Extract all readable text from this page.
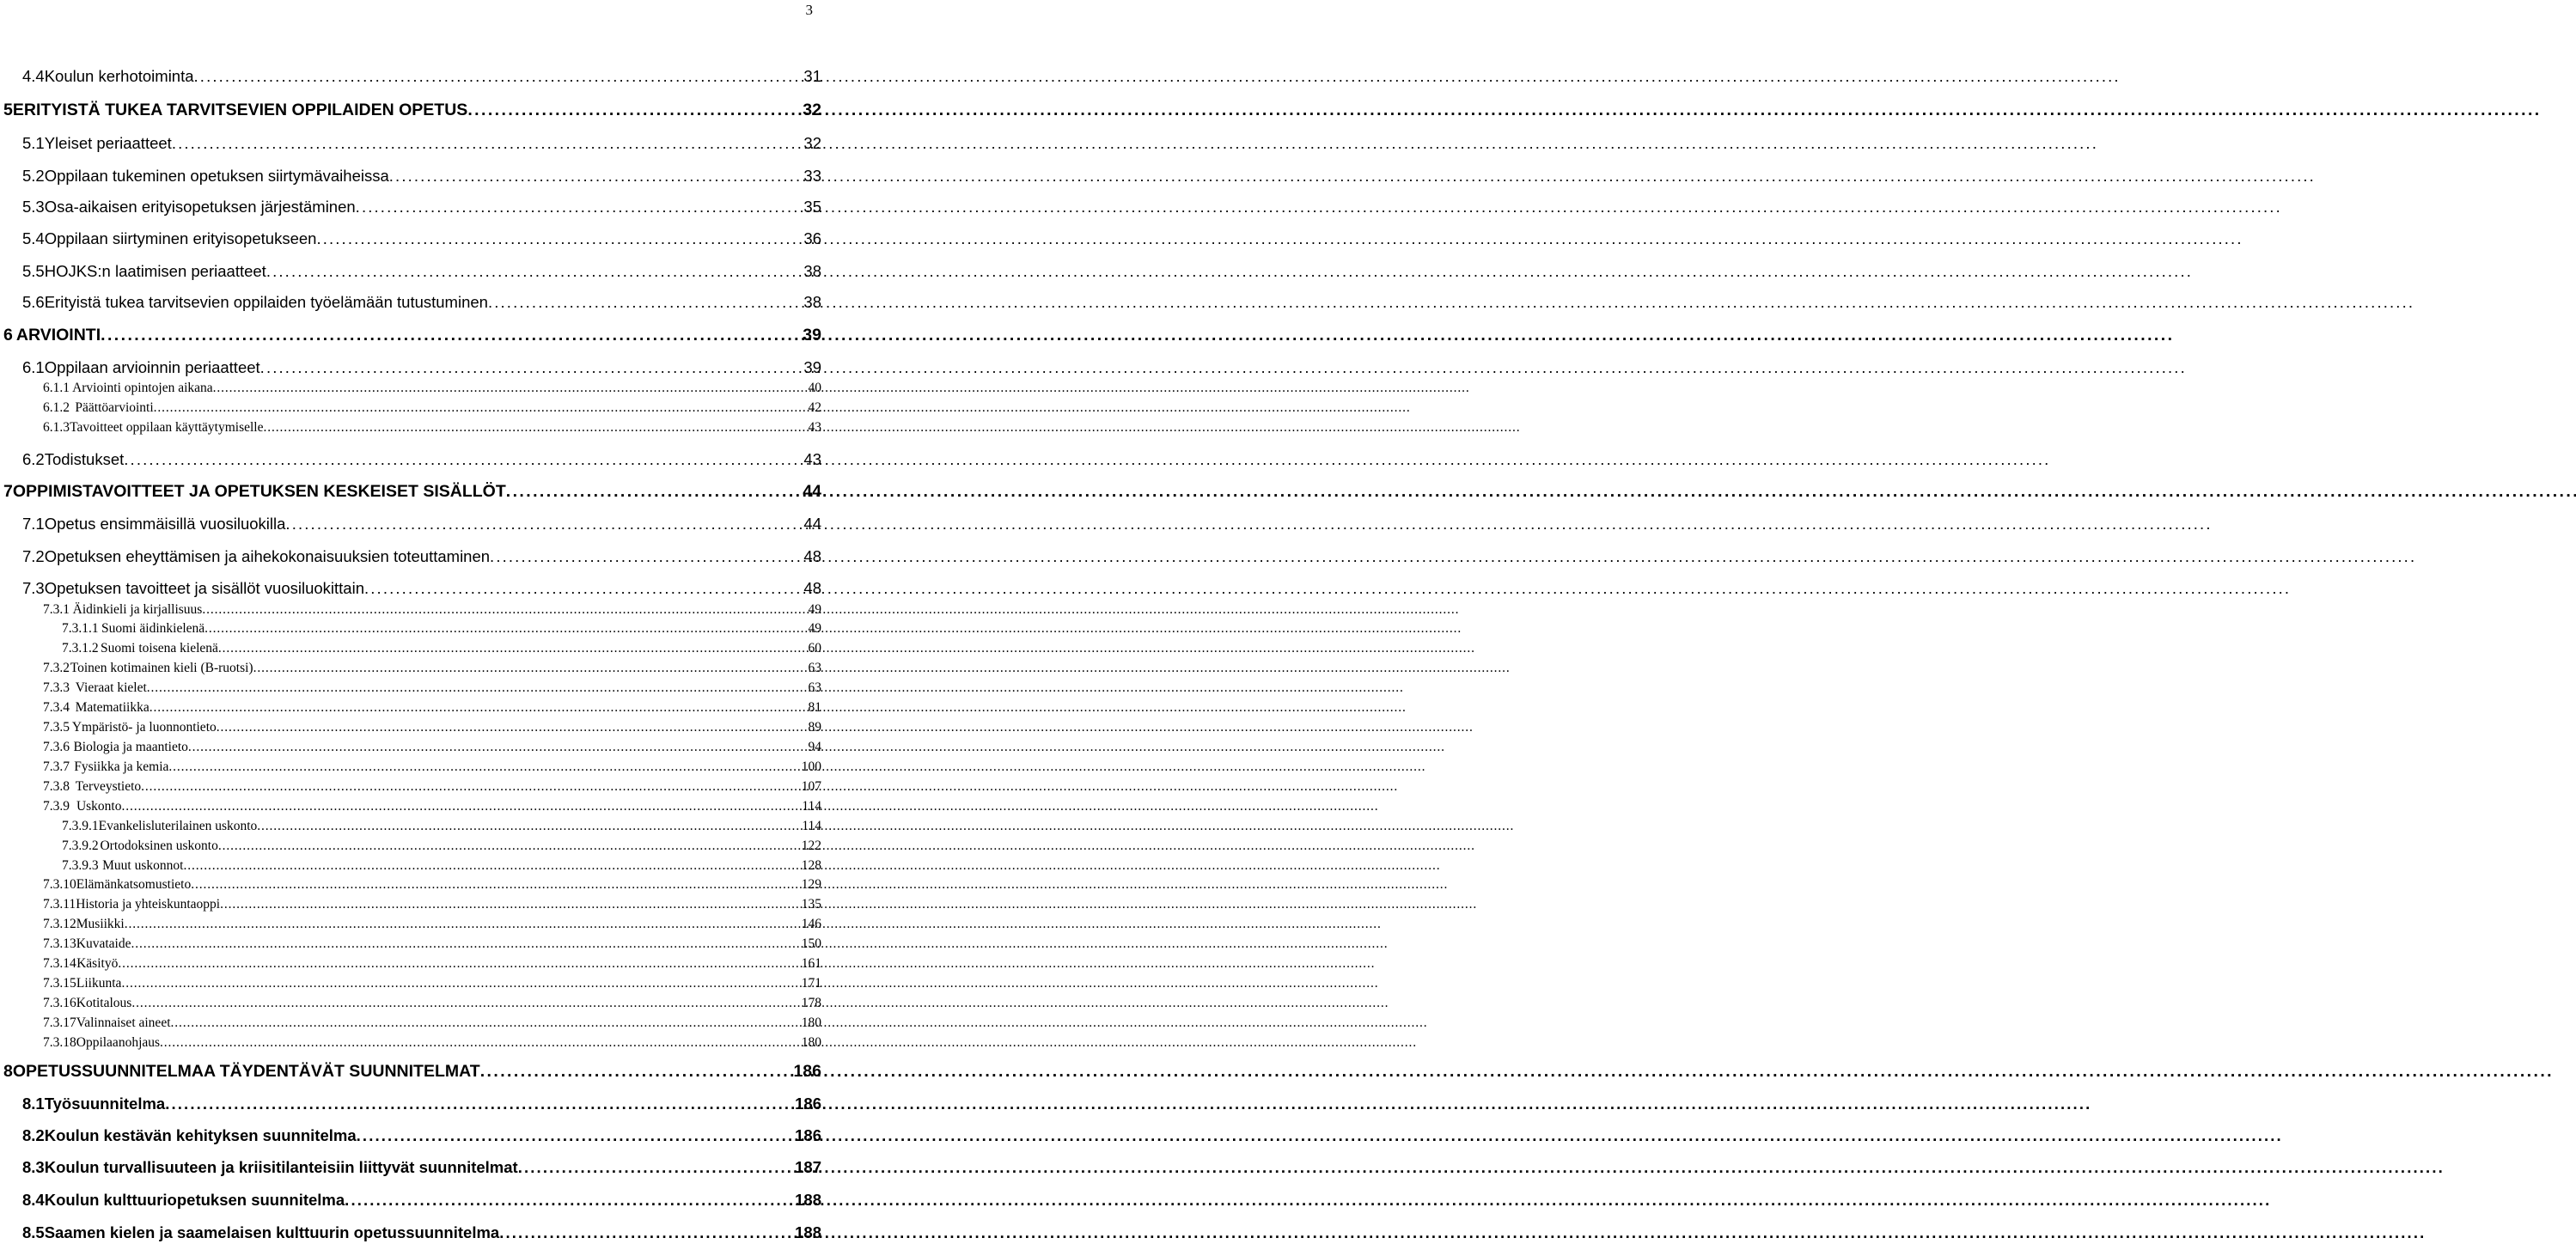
3
4.4 Koulun kerhotoiminta . . .	31
5 ERITYISTÄ TUKEA TARVITSEVIEN OPPILAIDEN OPETUS . . .	32
5.1 Yleiset periaatteet . . .	32
5.2 Oppilaan tukeminen opetuksen siirtymävaiheissa . . .	33
5.3 Osa-aikaisen erityisopetuksen järjestäminen . . .	35
5.4 Oppilaan siirtyminen erityisopetukseen . . .	36
5.5 HOJKS:n laatimisen periaatteet . . .	38
5.6 Erityistä tukea tarvitsevien oppilaiden työelämään tutustuminen . . .	38
6 ARVIOINTI . . .	39
6.1 Oppilaan arvioinnin periaatteet . . .	39
6.1.1 Arviointi opintojen aikana . . .	40
6.1.2 Päättöarviointi . . .	42
6.1.3 Tavoitteet oppilaan käyttäytymiselle . . .	43
6.2 Todistukset . . .	43
7 OPPIMISTAVOITTEET JA OPETUKSEN KESKEISET SISÄLLÖT . . .	44
7.1 Opetus ensimmäisillä vuosiluokilla . . .	44
7.2 Opetuksen eheyttämisen ja aihekokonaisuuksien toteuttaminen . . .	48
7.3 Opetuksen tavoitteet ja sisällöt vuosiluokittain . . .	48
7.3.1 Äidinkieli ja kirjallisuus . . .	49
7.3.1.1 Suomi äidinkielenä . . .	49
7.3.1.2 Suomi toisena kielenä . . .	60
7.3.2 Toinen kotimainen kieli (B-ruotsi) . . .	63
7.3.3 Vieraat kielet . . .	63
7.3.4 Matematiikka . . .	81
7.3.5 Ympäristö- ja luonnontieto . . .	89
7.3.6 Biologia ja maantieto . . .	94
7.3.7 Fysiikka ja kemia . . .	100
7.3.8 Terveystieto . . .	107
7.3.9 Uskonto . . .	114
7.3.9.1 Evankelisluterilainen uskonto . . .	114
7.3.9.2 Ortodoksinen uskonto . . .	122
7.3.9.3 Muut uskonnot . . .	128
7.3.10 Elämänkatsomustieto . . .	129
7.3.11 Historia ja yhteiskuntaoppi . . .	135
7.3.12 Musiikki . . .	146
7.3.13 Kuvataide . . .	150
7.3.14 Käsityö . . .	161
7.3.15 Liikunta . . .	171
7.3.16 Kotitalous . . .	178
7.3.17 Valinnaiset aineet . . .	180
7.3.18 Oppilaanohjaus . . .	180
8 OPETUSSUUNNITELMAA TÄYDENTÄVÄT SUUNNITELMAT . . .	186
8.1 Työsuunnitelma . . .	186
8.2 Koulun kestävän kehityksen suunnitelma . . .	186
8.3 Koulun turvallisuuteen ja kriisitilanteisiin liittyvät suunnitelmat . . .	187
8.4 Koulun kulttuuriopetuksen suunnitelma . . .	188
8.5 Saamen kielen ja saamelaisen kulttuurin opetussuunnitelma . . .	188
